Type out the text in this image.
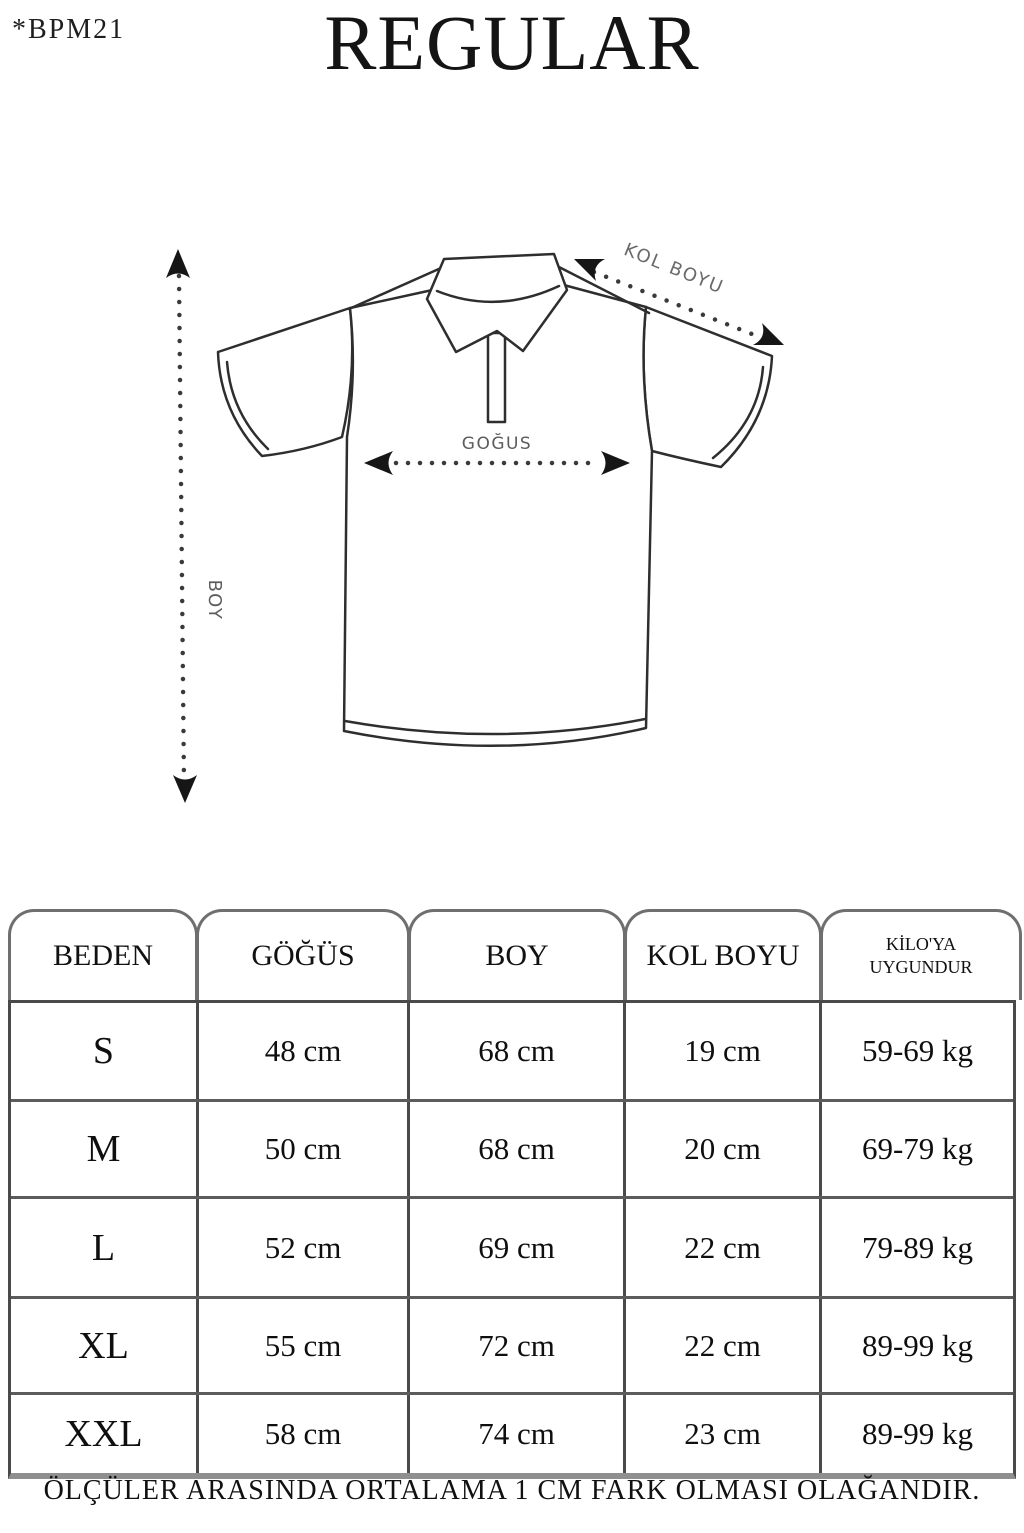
*BPM21	REGULAR
BOY
GOĞUS
KOL BOYU
BEDEN	GÖĞÜS	BOY	KOL BOYU	KİLO'YA UYGUNDUR
S	48 cm	68 cm	19 cm	59-69 kg
M	50 cm	68 cm	20 cm	69-79 kg
L	52 cm	69 cm	22 cm	79-89 kg
XL	55 cm	72 cm	22 cm	89-99 kg
XXL	58 cm	74 cm	23 cm	89-99 kg
ÖLÇÜLER ARASINDA ORTALAMA 1 CM FARK OLMASI OLAĞANDIR.
